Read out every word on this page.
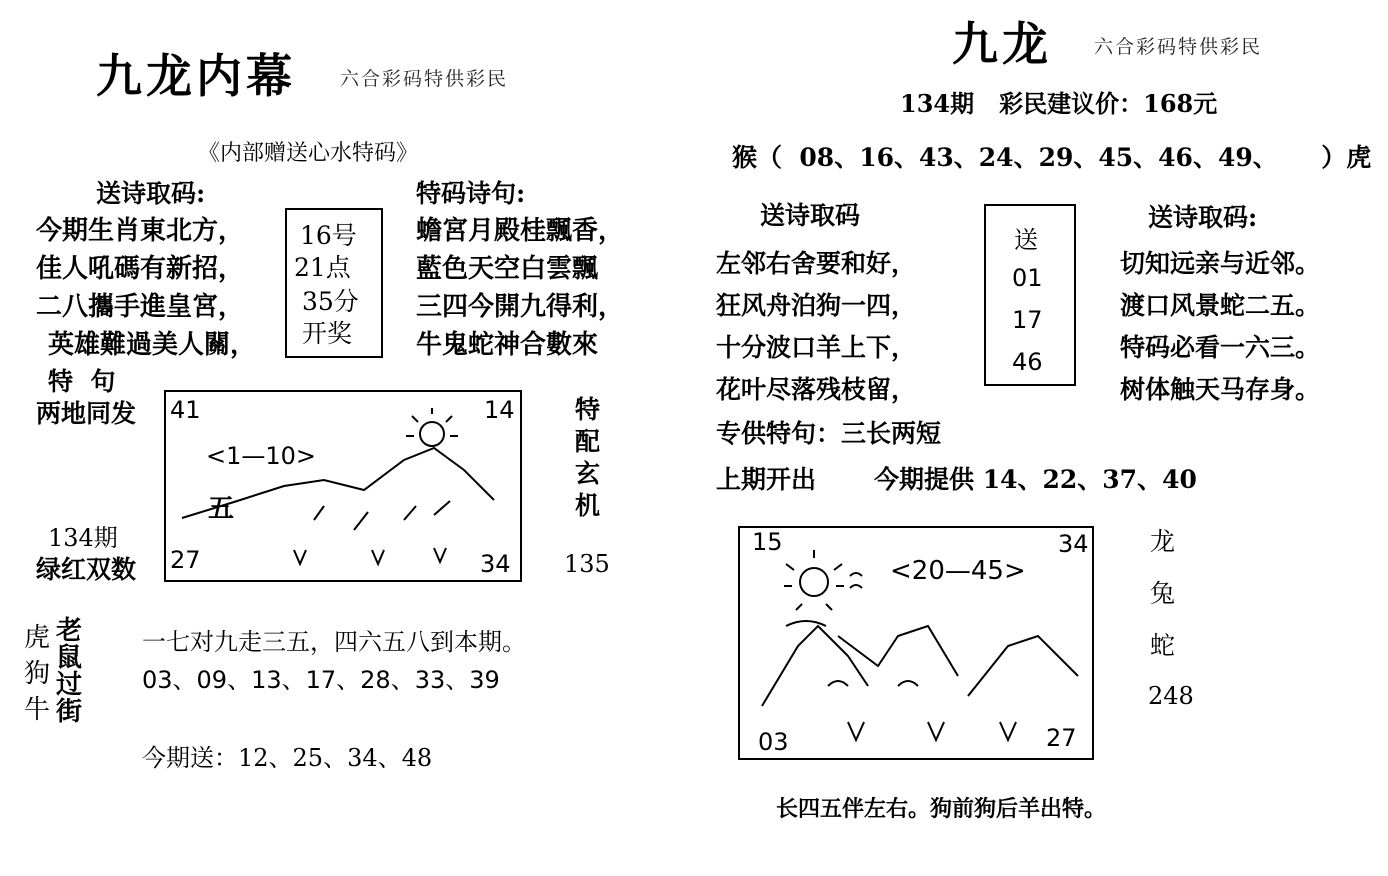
九龙内幕 六合彩码特供彩民
《内部赠送心水特码》
送诗取码:
今期生肖東北方，
佳人吼碼有新招，
二八攜手進皇宮，
英雄難過美人關，
16号
21点
35分
开奖
特码诗句:
蟾宮月殿桂飄香，
藍色天空白雲飄
三四今開九得利，
牛鬼蛇神合數來
特  句
两地同发
134期
绿红双数
41	14
<1—10>
五
27	34
特
配
玄
机
135
虎
狗
牛
老
鼠
过
街
一七对九走三五，四六五八到本期。
03、09、13、17、28、33、39
今期送：12、25、34、48
九龙 六合彩码特供彩民
134期   彩民建议价：168元
猴（  08、16、43、24、29、45、46、49、     ）虎
送诗取码
左邻右舍要和好，
狂风舟泊狗一四，
十分波口羊上下，
花叶尽落残枝留，
送
01
17
46
送诗取码:
切知远亲与近邻。
渡口风景蛇二五。
特码必看一六三。
树体触天马存身。
专供特句：三长两短
上期开出 今期提供 14、22、37、40
15	34
<20—45>
03	27
龙
兔
蛇
248
长四五伴左右。狗前狗后羊出特。
